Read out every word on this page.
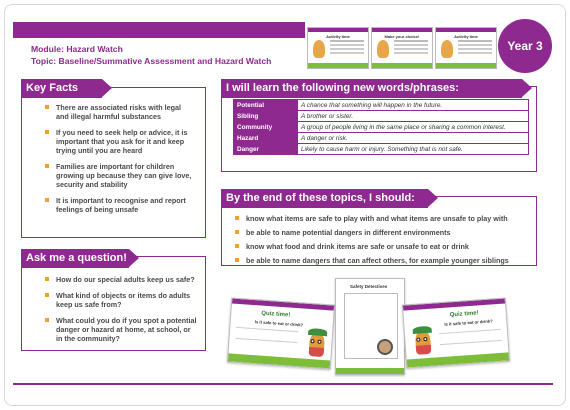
Module: Hazard Watch
Topic: Baseline/Summative Assessment and Hazard Watch
Activity time	Make your choice!	Activity time
Year 3
Key Facts
There are associated risks with legal and illegal harmful substances
If you need to seek help or advice, it is important that you ask for it and keep trying until you are heard
Families are important for children growing up because they can give love, security and stability
It is important to recognise and report feelings of being unsafe
I will learn the following new words/phrases:
Potential	A chance that something will happen in the future.
Sibling	A brother or sister.
Community	A group of people living in the same place or sharing a common interest.
Hazard	A danger or risk.
Danger	Likely to cause harm or injury. Something that is not safe.
By the end of these topics, I should:
know what items are safe to play with and what items are unsafe to play with
be able to name potential dangers in different environments
know what food and drink items are safe or unsafe to eat or drink
be able to name dangers that can affect others, for example younger siblings
Ask me a question!
How do our special adults keep us safe?
What kind of objects or items do adults keep us safe from?
What could you do if you spot a potential danger or hazard at home, at school, or in the community?
Quiz time!
Is it safe to eat or drink?
Safety Detectives
Quiz time!
Is it safe to eat or drink?
